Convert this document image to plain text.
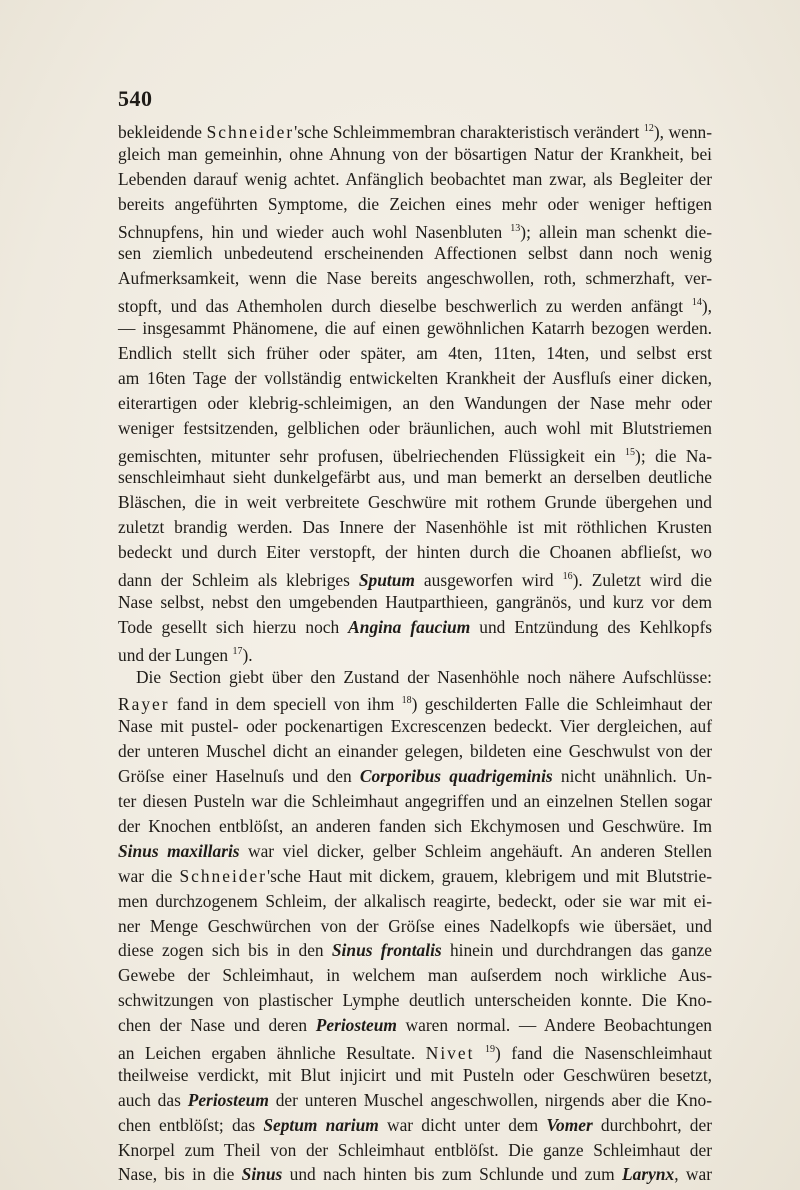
540
bekleidende Schneider'sche Schleimmembran charakteristisch verändert $^{12}$), wenn-
gleich man gemeinhin, ohne Ahnung von der bösartigen Natur der Krankheit, bei
Lebenden darauf wenig achtet. Anfänglich beobachtet man zwar, als Begleiter der
bereits angeführten Symptome, die Zeichen eines mehr oder weniger heftigen
Schnupfens, hin und wieder auch wohl Nasenbluten $^{13}$); allein man schenkt die-
sen ziemlich unbedeutend erscheinenden Affectionen selbst dann noch wenig
Aufmerksamkeit, wenn die Nase bereits angeschwollen, roth, schmerzhaft, ver-
stopft, und das Athemholen durch dieselbe beschwerlich zu werden anfängt $^{14}$),
— insgesammt Phänomene, die auf einen gewöhnlichen Katarrh bezogen werden.
Endlich stellt sich früher oder später, am 4ten, 11ten, 14ten, und selbst erst
am 16ten Tage der vollständig entwickelten Krankheit der Ausfluſs einer dicken,
eiterartigen oder klebrig-schleimigen, an den Wandungen der Nase mehr oder
weniger festsitzenden, gelblichen oder bräunlichen, auch wohl mit Blutstriemen
gemischten, mitunter sehr profusen, übelriechenden Flüssigkeit ein $^{15}$); die Na-
senschleimhaut sieht dunkelgefärbt aus, und man bemerkt an derselben deutliche
Bläschen, die in weit verbreitete Geschwüre mit rothem Grunde übergehen und
zuletzt brandig werden. Das Innere der Nasenhöhle ist mit röthlichen Krusten
bedeckt und durch Eiter verstopft, der hinten durch die Choanen abflieſst, wo
dann der Schleim als klebriges Sputum ausgeworfen wird $^{16}$). Zuletzt wird die
Nase selbst, nebst den umgebenden Hautparthieen, gangränös, und kurz vor dem
Tode gesellt sich hierzu noch Angina faucium und Entzündung des Kehlkopfs
und der Lungen $^{17}$).
Die Section giebt über den Zustand der Nasenhöhle noch nähere Aufschlüsse:
Rayer fand in dem speciell von ihm $^{18}$) geschilderten Falle die Schleimhaut der
Nase mit pustel- oder pockenartigen Excrescenzen bedeckt. Vier dergleichen, auf
der unteren Muschel dicht an einander gelegen, bildeten eine Geschwulst von der
Gröſse einer Haselnuſs und den Corporibus quadrigeminis nicht unähnlich. Un-
ter diesen Pusteln war die Schleimhaut angegriffen und an einzelnen Stellen sogar
der Knochen entblöſst, an anderen fanden sich Ekchymosen und Geschwüre. Im
Sinus maxillaris war viel dicker, gelber Schleim angehäuft. An anderen Stellen
war die Schneider'sche Haut mit dickem, grauem, klebrigem und mit Blutstrie-
men durchzogenem Schleim, der alkalisch reagirte, bedeckt, oder sie war mit ei-
ner Menge Geschwürchen von der Gröſse eines Nadelkopfs wie übersäet, und
diese zogen sich bis in den Sinus frontalis hinein und durchdrangen das ganze
Gewebe der Schleimhaut, in welchem man auſserdem noch wirkliche Aus-
schwitzungen von plastischer Lymphe deutlich unterscheiden konnte. Die Kno-
chen der Nase und deren Periosteum waren normal. — Andere Beobachtungen
an Leichen ergaben ähnliche Resultate. Nivet $^{19}$) fand die Nasenschleimhaut
theilweise verdickt, mit Blut injicirt und mit Pusteln oder Geschwüren besetzt,
auch das Periosteum der unteren Muschel angeschwollen, nirgends aber die Kno-
chen entblöſst; das Septum narium war dicht unter dem Vomer durchbohrt, der
Knorpel zum Theil von der Schleimhaut entblöſst. Die ganze Schleimhaut der
Nase, bis in die Sinus und nach hinten bis zum Schlunde und zum Larynx, war
